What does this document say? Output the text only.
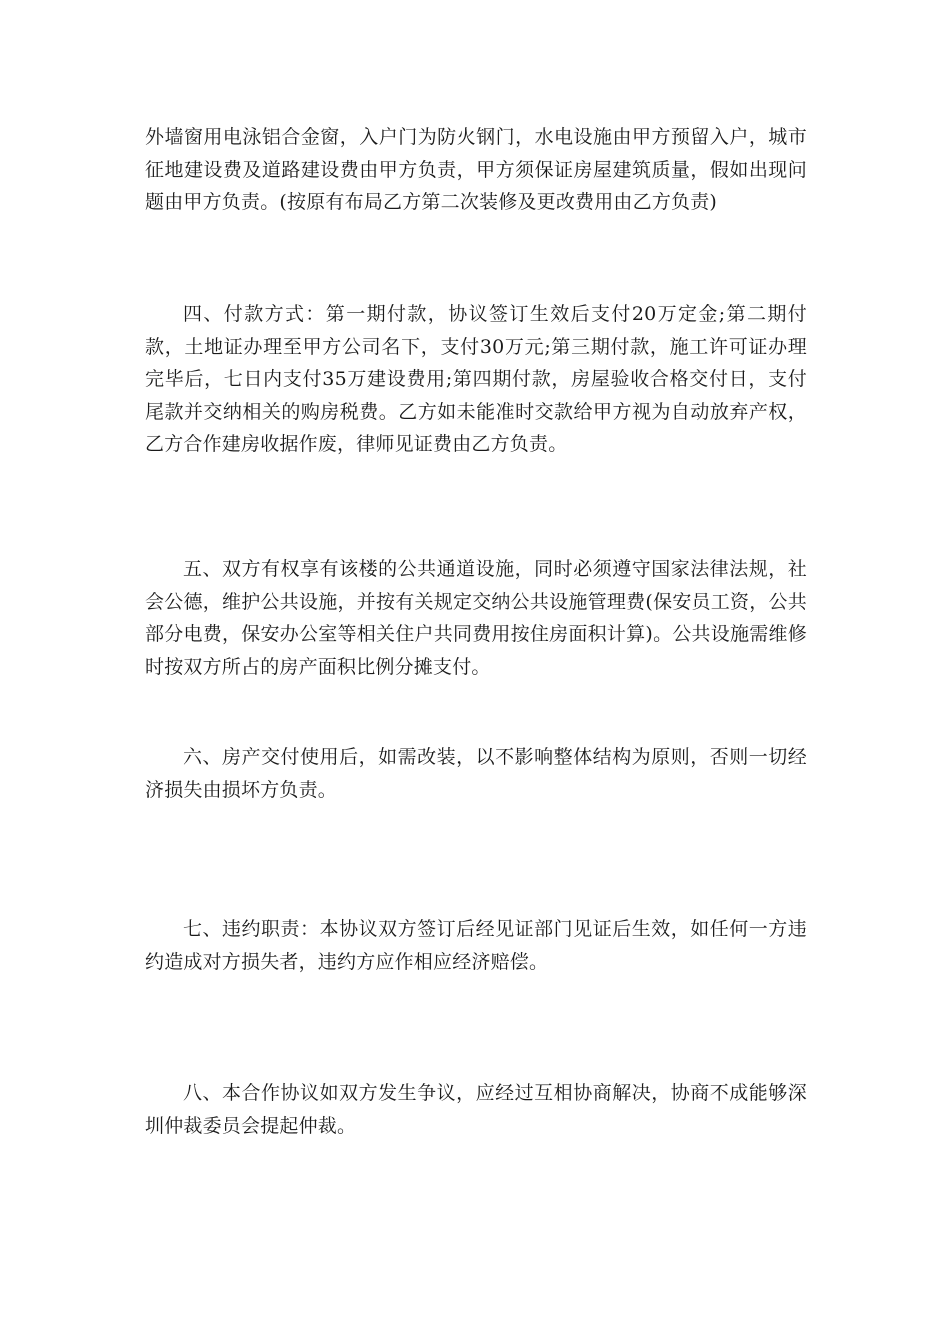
外墙窗用电泳铝合金窗，入户门为防火钢门，水电设施由甲方预留入户，城市征地建设费及道路建设费由甲方负责，甲方须保证房屋建筑质量，假如出现问题由甲方负责。(按原有布局乙方第二次装修及更改费用由乙方负责)

四、付款方式：第一期付款，协议签订生效后支付20万定金;第二期付款，土地证办理至甲方公司名下，支付30万元;第三期付款，施工许可证办理完毕后，七日内支付35万建设费用;第四期付款，房屋验收合格交付日，支付尾款并交纳相关的购房税费。乙方如未能准时交款给甲方视为自动放弃产权，乙方合作建房收据作废，律师见证费由乙方负责。

五、双方有权享有该楼的公共通道设施，同时必须遵守国家法律法规，社会公德，维护公共设施，并按有关规定交纳公共设施管理费(保安员工资，公共部分电费，保安办公室等相关住户共同费用按住房面积计算)。公共设施需维修时按双方所占的房产面积比例分摊支付。

六、房产交付使用后，如需改装，以不影响整体结构为原则，否则一切经济损失由损坏方负责。

七、违约职责：本协议双方签订后经见证部门见证后生效，如任何一方违约造成对方损失者，违约方应作相应经济赔偿。

八、本合作协议如双方发生争议，应经过互相协商解决，协商不成能够深圳仲裁委员会提起仲裁。
